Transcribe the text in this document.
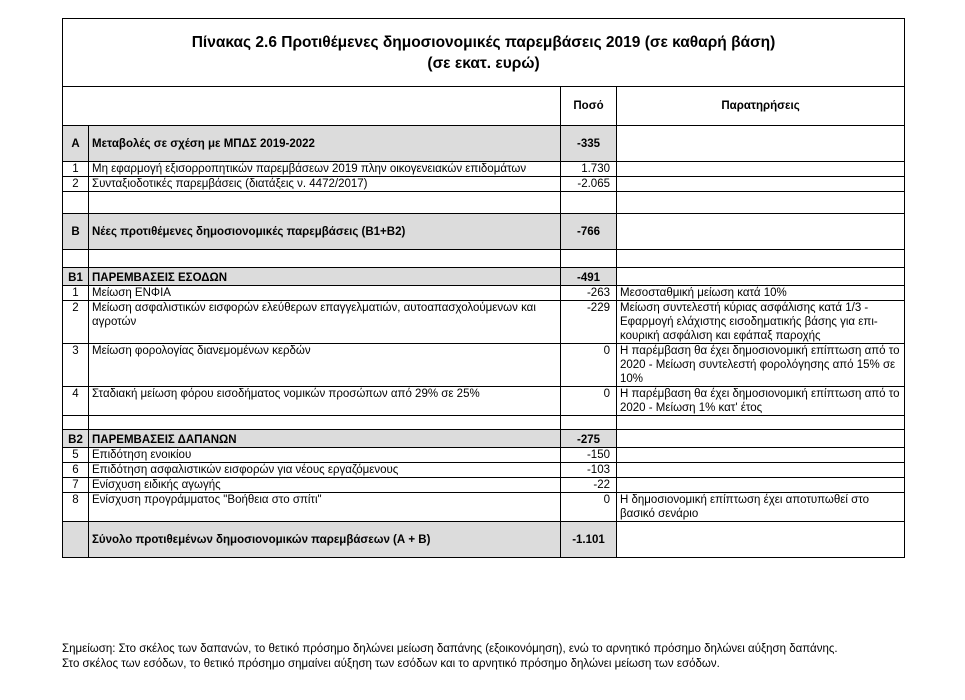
Πίνακας 2.6 Προτιθέμενες δημοσιονομικές παρεμβάσεις 2019 (σε καθαρή βάση)
(σε εκατ. ευρώ)			

		Ποσό	Παρατηρήσεις
A	Μεταβολές σε σχέση με ΜΠΔΣ 2019-2022	-335	
1	Μη εφαρμογή εξισορροπητικών παρεμβάσεων 2019 πλην οικογενειακών επιδομάτων	1.730	
2	Συνταξιοδοτικές παρεμβάσεις (διατάξεις ν. 4472/2017)	-2.065	

B	Νέες προτιθέμενες δημοσιονομικές παρεμβάσεις (Β1+Β2)	-766	

B1	ΠΑΡΕΜΒΑΣΕΙΣ ΕΣΟΔΩΝ	-491	
1	Μείωση ΕΝΦΙΑ	-263	Μεσοσταθμική μείωση κατά 10%
2	Μείωση ασφαλιστικών εισφορών ελεύθερων επαγγελματιών, αυτοαπασχολούμενων και αγροτών	-229	Μείωση συντελεστή κύριας ασφάλισης κατά 1/3 - Εφαρμογή ελάχιστης εισοδηματικής βάσης για επι-κουρική ασφάλιση και εφάπαξ παροχής
3	Μείωση φορολογίας διανεμομένων κερδών	0	Η παρέμβαση θα έχει δημοσιονομική επίπτωση από το 2020 - Μείωση συντελεστή φορολόγησης από 15% σε 10%
4	Σταδιακή μείωση φόρου εισοδήματος νομικών προσώπων από 29% σε 25%	0	Η παρέμβαση θα έχει δημοσιονομική επίπτωση από το 2020 - Μείωση 1% κατ' έτος

B2	ΠΑΡΕΜΒΑΣΕΙΣ ΔΑΠΑΝΩΝ	-275	
5	Επιδότηση ενοικίου	-150	
6	Επιδότηση ασφαλιστικών εισφορών για νέους εργαζόμενους	-103	
7	Ενίσχυση ειδικής αγωγής	-22	
8	Ενίσχυση προγράμματος "Βοήθεια στο σπίτι"	0	Η δημοσιονομική επίπτωση έχει αποτυπωθεί στο βασικό σενάριο
	Σύνολο προτιθεμένων δημοσιονομικών παρεμβάσεων (Α + Β)	-1.101	
Σημείωση: Στο σκέλος των δαπανών, το θετικό πρόσημο δηλώνει μείωση δαπάνης (εξοικονόμηση), ενώ το αρνητικό πρόσημο δηλώνει αύξηση δαπάνης.
Στο σκέλος των εσόδων, το θετικό πρόσημο σημαίνει αύξηση των εσόδων και το αρνητικό πρόσημο δηλώνει μείωση των εσόδων.
